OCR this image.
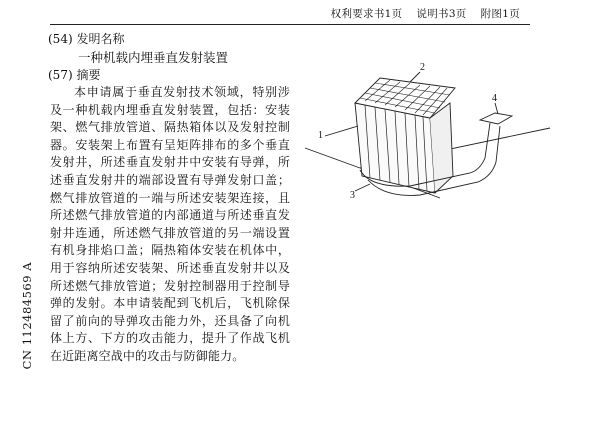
权利要求书1页 说明书3页 附图1页
(54) 发明名称
一种机载内埋垂直发射装置
(57) 摘要
本申请属于垂直发射技术领域，特别涉及一种机载内埋垂直发射装置，包括：安装架、燃气排放管道、隔热箱体以及发射控制器。安装架上布置有呈矩阵排布的多个垂直发射井，所述垂直发射井中安装有导弹，所述垂直发射井的端部设置有导弹发射口盖；燃气排放管道的一端与所述安装架连接，且所述燃气排放管道的内部通道与所述垂直发射井连通，所述燃气排放管道的另一端设置有机身排焰口盖；隔热箱体安装在机体中，用于容纳所述安装架、所述垂直发射井以及所述燃气排放管道；发射控制器用于控制导弹的发射。本申请装配到飞机后，飞机除保留了前向的导弹攻击能力外，还具备了向机体上方、下方的攻击能力，提升了作战飞机在近距离空战中的攻击与防御能力。
CN 112484569 A
1
2
3
4
